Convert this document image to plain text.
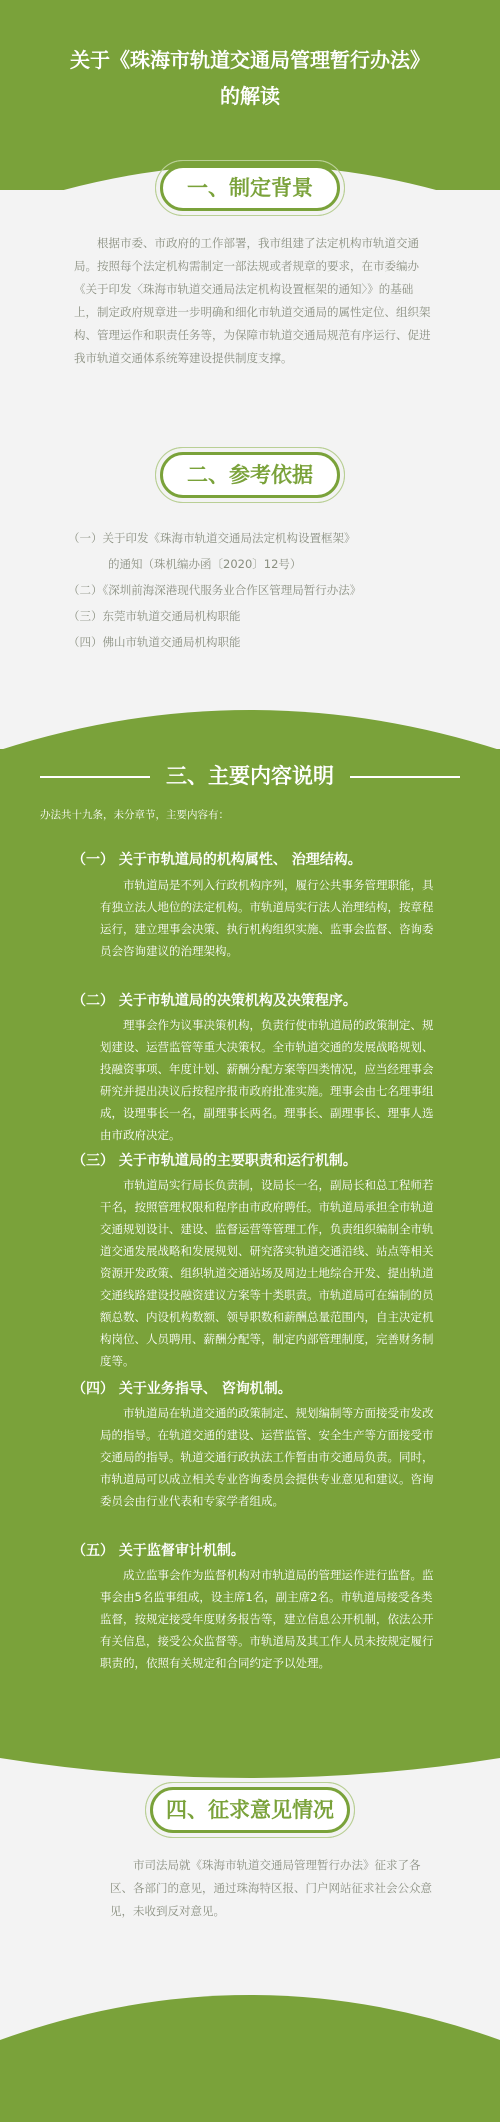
关于《珠海市轨道交通局管理暂行办法》
的解读
一、制定背景
根据市委、市政府的工作部署，我市组建了法定机构市轨道交通局。按照每个法定机构需制定一部法规或者规章的要求，在市委编办《关于印发〈珠海市轨道交通局法定机构设置框架的通知〉》的基础上，制定政府规章进一步明确和细化市轨道交通局的属性定位、组织架构、管理运作和职责任务等，为保障市轨道交通局规范有序运行、促进我市轨道交通体系统筹建设提供制度支撑。
二、参考依据
（一）关于印发《珠海市轨道交通局法定机构设置框架》
的通知（珠机编办函〔2020〕12号）
（二）《深圳前海深港现代服务业合作区管理局暂行办法》
（三）东莞市轨道交通局机构职能
（四）佛山市轨道交通局机构职能
三、主要内容说明
办法共十九条，未分章节，主要内容有：
（一） 关于市轨道局的机构属性、 治理结构。
市轨道局是不列入行政机构序列，履行公共事务管理职能，具有独立法人地位的法定机构。市轨道局实行法人治理结构，按章程运行，建立理事会决策、执行机构组织实施、监事会监督、咨询委员会咨询建议的治理架构。
（二） 关于市轨道局的决策机构及决策程序。
理事会作为议事决策机构，负责行使市轨道局的政策制定、规划建设、运营监管等重大决策权。全市轨道交通的发展战略规划、投融资事项、年度计划、薪酬分配方案等四类情况，应当经理事会研究并提出决议后按程序报市政府批准实施。理事会由七名理事组成，设理事长一名，副理事长两名。理事长、副理事长、理事人选由市政府决定。
（三） 关于市轨道局的主要职责和运行机制。
市轨道局实行局长负责制，设局长一名，副局长和总工程师若干名，按照管理权限和程序由市政府聘任。市轨道局承担全市轨道交通规划设计、建设、监督运营等管理工作，负责组织编制全市轨道交通发展战略和发展规划、研究落实轨道交通沿线、站点等相关资源开发政策、组织轨道交通站场及周边土地综合开发、提出轨道交通线路建设投融资建议方案等十类职责。市轨道局可在编制的员额总数、内设机构数额、领导职数和薪酬总量范围内，自主决定机构岗位、人员聘用、薪酬分配等，制定内部管理制度，完善财务制度等。
（四） 关于业务指导、 咨询机制。
市轨道局在轨道交通的政策制定、规划编制等方面接受市发改局的指导。在轨道交通的建设、运营监管、安全生产等方面接受市交通局的指导。轨道交通行政执法工作暂由市交通局负责。同时，市轨道局可以成立相关专业咨询委员会提供专业意见和建议。咨询委员会由行业代表和专家学者组成。
（五） 关于监督审计机制。
成立监事会作为监督机构对市轨道局的管理运作进行监督。监事会由5名监事组成，设主席1名，副主席2名。市轨道局接受各类监督，按规定接受年度财务报告等，建立信息公开机制，依法公开有关信息，接受公众监督等。市轨道局及其工作人员未按规定履行职责的，依照有关规定和合同约定予以处理。
四、征求意见情况
市司法局就《珠海市轨道交通局管理暂行办法》征求了各区、各部门的意见，通过珠海特区报、门户网站征求社会公众意见，未收到反对意见。
